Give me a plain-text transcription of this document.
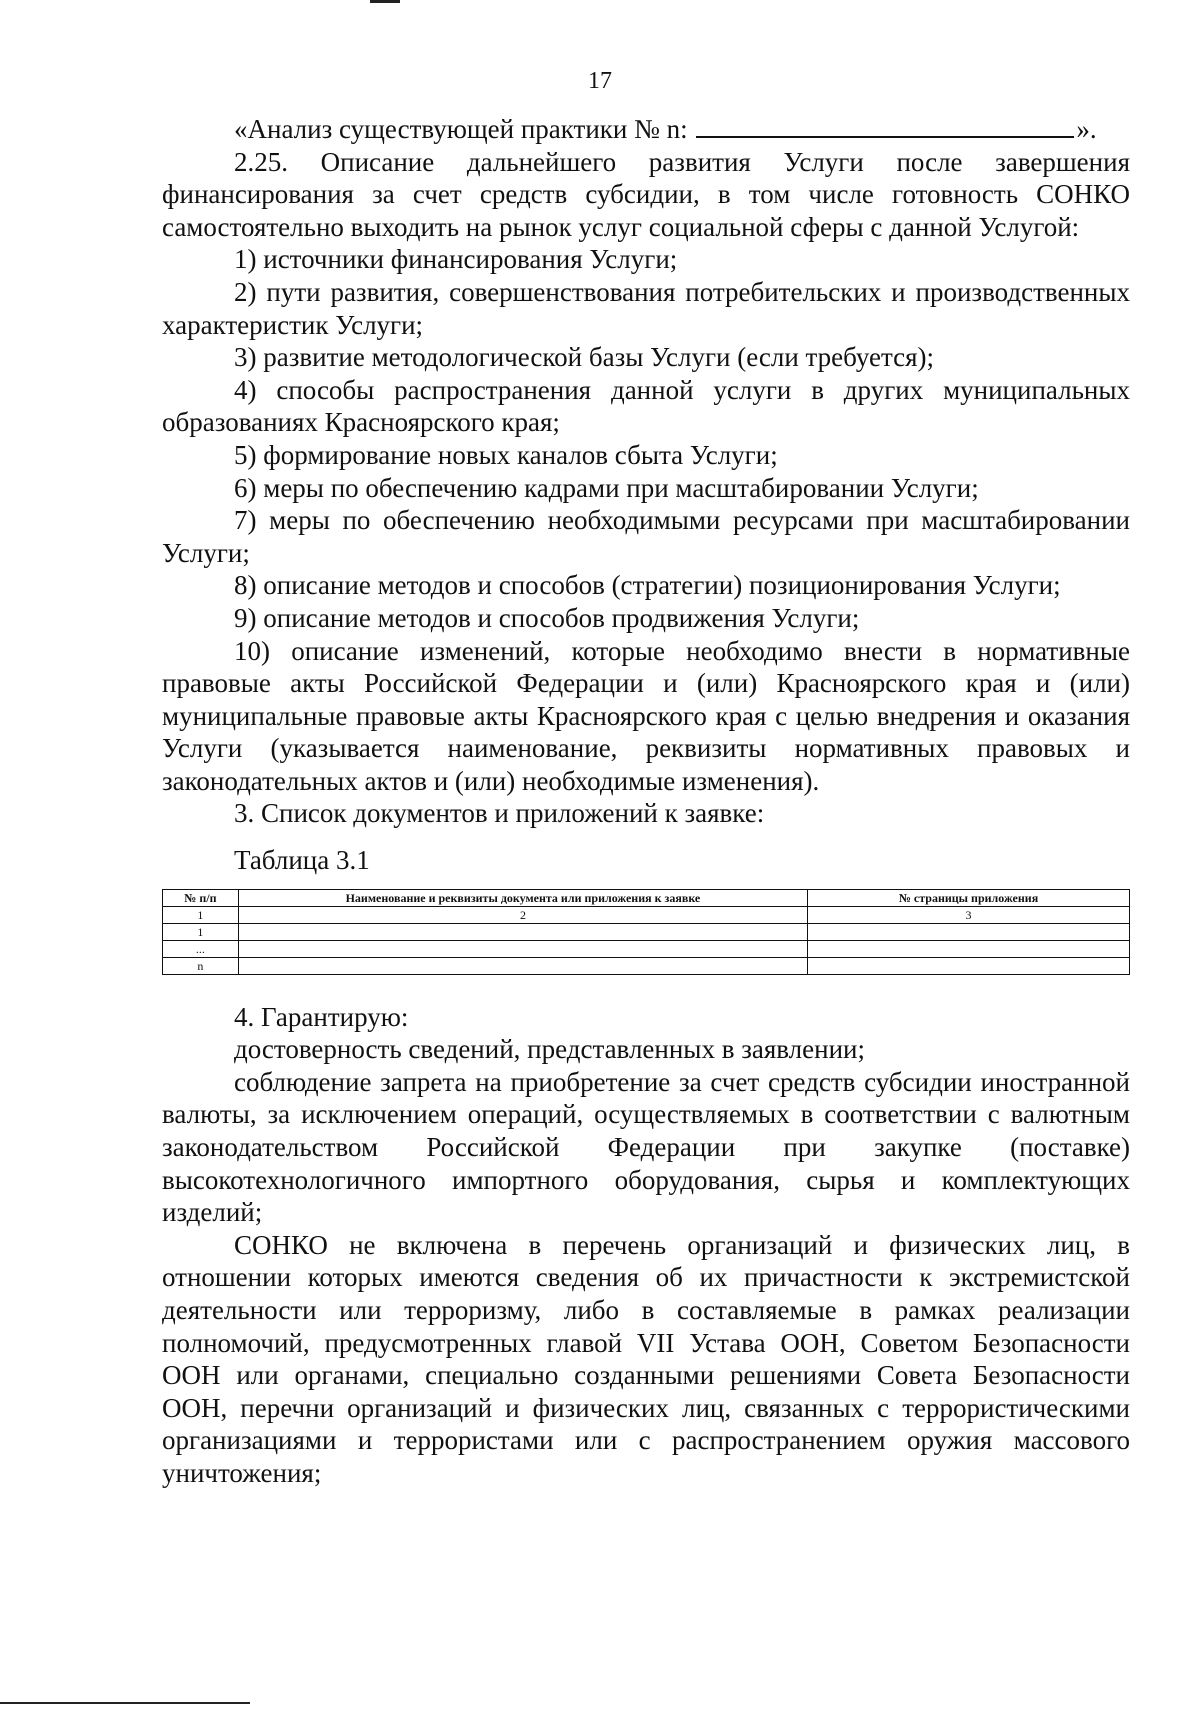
17

«Анализ существующей практики № n:	».

2.25. Описание дальнейшего развития Услуги после завершения финансирования за счет средств субсидии, в том числе готовность СОНКО самостоятельно выходить на рынок услуг социальной сферы с данной Услугой:

1) источники финансирования Услуги;

2) пути развития, совершенствования потребительских и производственных характеристик Услуги;

3) развитие методологической базы Услуги (если требуется);

4) способы распространения данной услуги в других муниципальных образованиях Красноярского края;

5) формирование новых каналов сбыта Услуги;

6) меры по обеспечению кадрами при масштабировании Услуги;

7) меры по обеспечению необходимыми ресурсами при масштабировании Услуги;

8) описание методов и способов (стратегии) позиционирования Услуги;

9) описание методов и способов продвижения Услуги;

10) описание изменений, которые необходимо внести в нормативные правовые акты Российской Федерации и (или) Красноярского края и (или) муниципальные правовые акты Красноярского края с целью внедрения и оказания Услуги (указывается наименование, реквизиты нормативных правовых и законодательных актов и (или) необходимые изменения).

3. Список документов и приложений к заявке:

Таблица 3.1

№ п/п	Наименование и реквизиты документа или приложения к заявке	№ страницы приложения
1	2	3
1		
...		
n		

4. Гарантирую:

достоверность сведений, представленных в заявлении;

соблюдение запрета на приобретение за счет средств субсидии иностранной валюты, за исключением операций, осуществляемых в соответствии с валютным законодательством Российской Федерации при закупке (поставке) высокотехнологичного импортного оборудования, сырья и комплектующих изделий;

СОНКО не включена в перечень организаций и физических лиц, в отношении которых имеются сведения об их причастности к экстремистской деятельности или терроризму, либо в составляемые в рамках реализации полномочий, предусмотренных главой VII Устава ООН, Советом Безопасности ООН или органами, специально созданными решениями Совета Безопасности ООН, перечни организаций и физических лиц, связанных с террористическими организациями и террористами или с распространением оружия массового уничтожения;
